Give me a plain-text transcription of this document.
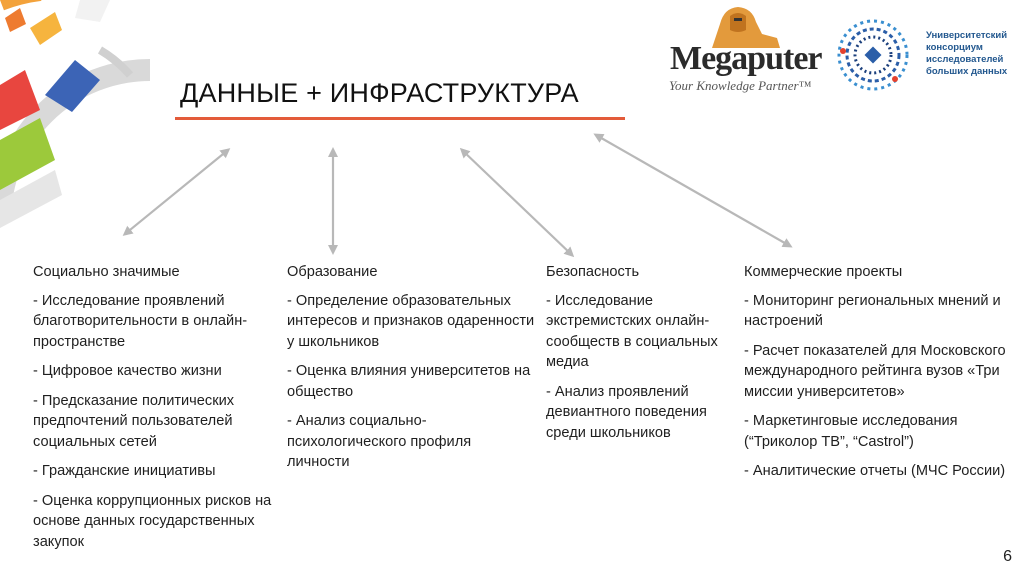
Megaputer
Your Knowledge Partner™
Университетский консорциум исследователей больших данных
ДАННЫЕ + ИНФРАСТРУКТУРА
Социально значимые
- Исследование проявлений благотворительности в онлайн-пространстве
- Цифровое качество жизни
- Предсказание политических предпочтений пользователей социальных сетей
- Гражданские инициативы
- Оценка коррупционных рисков на основе данных государственных закупок
Образование
- Определение образовательных интересов и признаков одаренности у школьников
- Оценка влияния университетов на общество
- Анализ социально-психологического профиля личности
Безопасность
- Исследование экстремистских онлайн-сообществ в социальных медиа
- Анализ проявлений девиантного поведения среди школьников
Коммерческие проекты
- Мониторинг региональных мнений и настроений
- Расчет показателей для Московского международного рейтинга вузов «Три миссии университетов»
- Маркетинговые исследования (“Триколор ТВ”, “Castrol”)
- Аналитические отчеты (МЧС России)
6
